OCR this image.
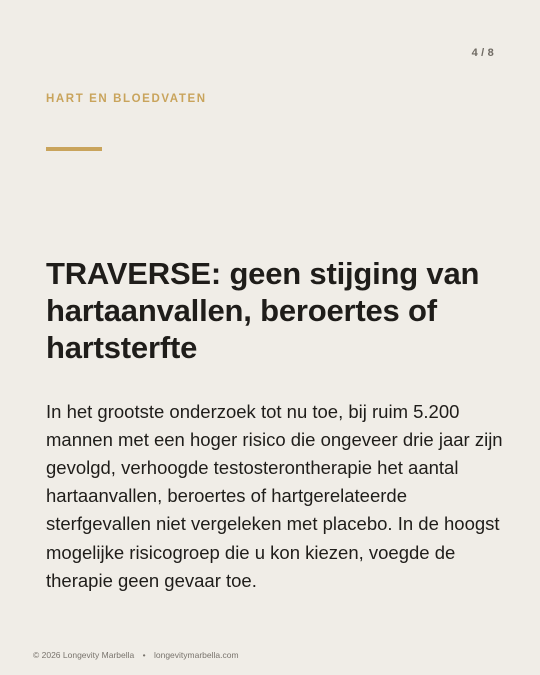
4 / 8
HART EN BLOEDVATEN
TRAVERSE: geen stijging van hartaanvallen, beroertes of hartsterfte

In het grootste onderzoek tot nu toe, bij ruim 5.200 mannen met een hoger risico die ongeveer drie jaar zijn gevolgd, verhoogde testosterontherapie het aantal hartaanvallen, beroertes of hartgerelateerde sterfgevallen niet vergeleken met placebo. In de hoogst mogelijke risicogroep die u kon kiezen, voegde de therapie geen gevaar toe.

© 2026 Longevity Marbella • longevitymarbella.com
